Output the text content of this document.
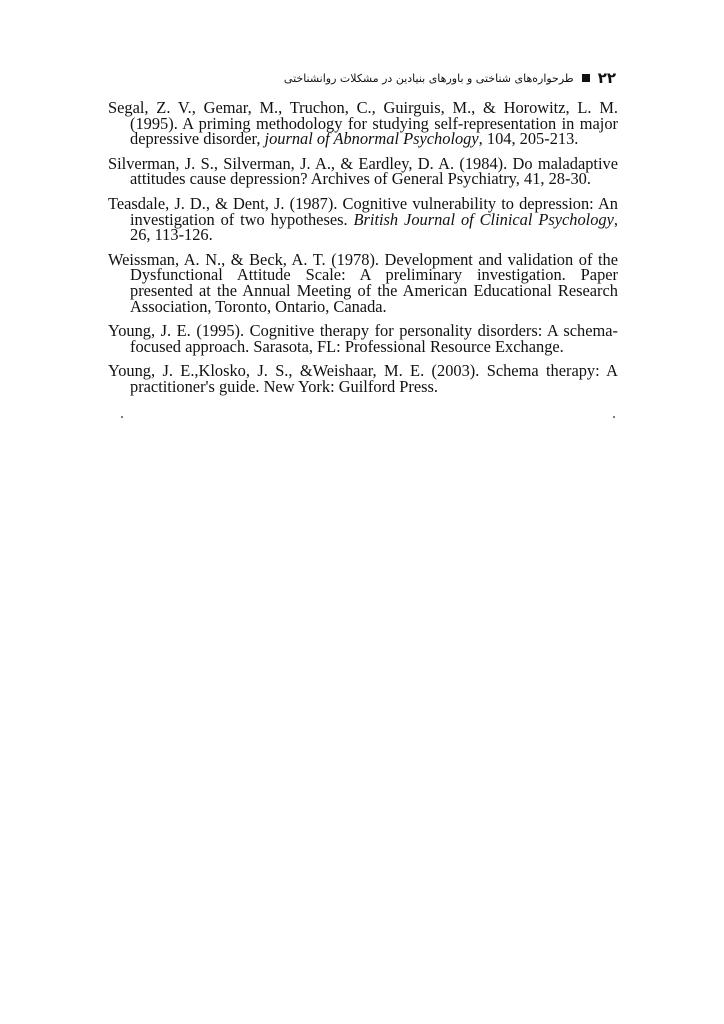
۲۲
طرحواره‌های شناختی و باورهای بنیادین در مشکلات روانشناختی
Segal, Z. V., Gemar, M., Truchon, C., Guirguis, M., & Horowitz, L. M. (1995). A priming methodology for studying self-representation in major depressive disorder, journal of Abnormal Psychology, 104, 205-213.
Silverman, J. S., Silverman, J. A., & Eardley, D. A. (1984). Do maladaptive attitudes cause depression? Archives of General Psychiatry, 41, 28-30.
Teasdale, J. D., & Dent, J. (1987). Cognitive vulnerability to depression: An investigation of two hypotheses. British Journal of Clinical Psychology, 26, 113-126.
Weissman, A. N., & Beck, A. T. (1978). Development and validation of the Dysfunctional Attitude Scale: A preliminary investigation. Paper presented at the Annual Meeting of the American Educational Research Association, Toronto, Ontario, Canada.
Young, J. E. (1995). Cognitive therapy for personality disorders: A schema-focused approach. Sarasota, FL: Professional Resource Exchange.
Young, J. E.,Klosko, J. S., &Weishaar, M. E. (2003). Schema therapy: A practitioner's guide. New York: Guilford Press.
